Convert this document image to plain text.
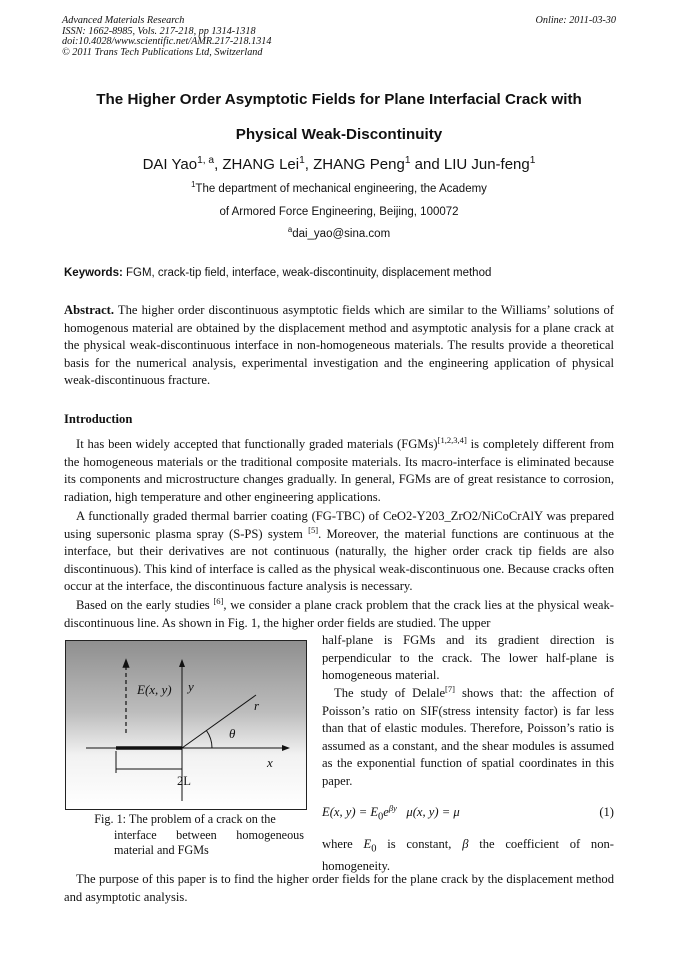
Advanced Materials Research
ISSN: 1662-8985, Vols. 217-218, pp 1314-1318
doi:10.4028/www.scientific.net/AMR.217-218.1314
© 2011 Trans Tech Publications Ltd, Switzerland
Online: 2011-03-30
The Higher Order Asymptotic Fields for Plane Interfacial Crack with
Physical Weak-Discontinuity
DAI Yao$^{1, a}$, ZHANG Lei$^1$, ZHANG Peng$^1$ and LIU Jun-feng$^1$
$^1$The department of mechanical engineering, the Academy
of Armored Force Engineering, Beijing, 100072
$^a$dai_yao@sina.com
Keywords: FGM, crack-tip field, interface, weak-discontinuity, displacement method

Abstract. The higher order discontinuous asymptotic fields which are similar to the Williams’ solutions of homogenous material are obtained by the displacement method and asymptotic analysis for a plane crack at the physical weak-discontinuous interface in non-homogeneous materials. The results provide a theoretical basis for the numerical analysis, experimental investigation and the engineering application of physical weak-discontinuous fracture.

Introduction

It has been widely accepted that functionally graded materials (FGMs)[1,2,3,4] is completely different from the homogeneous materials or the traditional composite materials. Its macro-interface is eliminated because its components and microstructure changes gradually. In general, FGMs are of great resistance to corrosion, radiation, high temperature and other engineering applications.

A functionally graded thermal barrier coating (FG-TBC) of CeO2-Y203_ZrO2/NiCoCrAlY was prepared using supersonic plasma spray (S-PS) system [5]. Moreover, the material functions are continuous at the interface, but their derivatives are not continuous (naturally, the higher order crack tip fields are also discontinuous). This kind of interface is called as the physical weak-discontinuous one. Because cracks often occur at the interface, the discontinuous facture analysis is necessary.

Based on the early studies [6], we consider a plane crack problem that the crack lies at the physical weak-discontinuous line. As shown in Fig. 1, the higher order fields are studied. The upper

half-plane is FGMs and its gradient direction is perpendicular to the crack. The lower half-plane is homogeneous material.

The study of Delale[7] shows that: the affection of Poisson’s ratio on SIF(stress intensity factor) is far less than that of elastic modules. Therefore, Poisson’s ratio is assumed as a constant, and the shear modules is assumed as the exponential function of spatial coordinates in this paper.

E(x, y) y
r
θ
x
2L
Fig. 1: The problem of a crack on the
interface between homogeneous material and FGMs
E(x, $y) = E_0e^{\beta y}$ μ(x, y) = μ	(1)

where $E_0$ is constant, β the coefficient of non-homogeneity.

The purpose of this paper is to find the higher order fields for the plane crack by the displacement method and asymptotic analysis.
